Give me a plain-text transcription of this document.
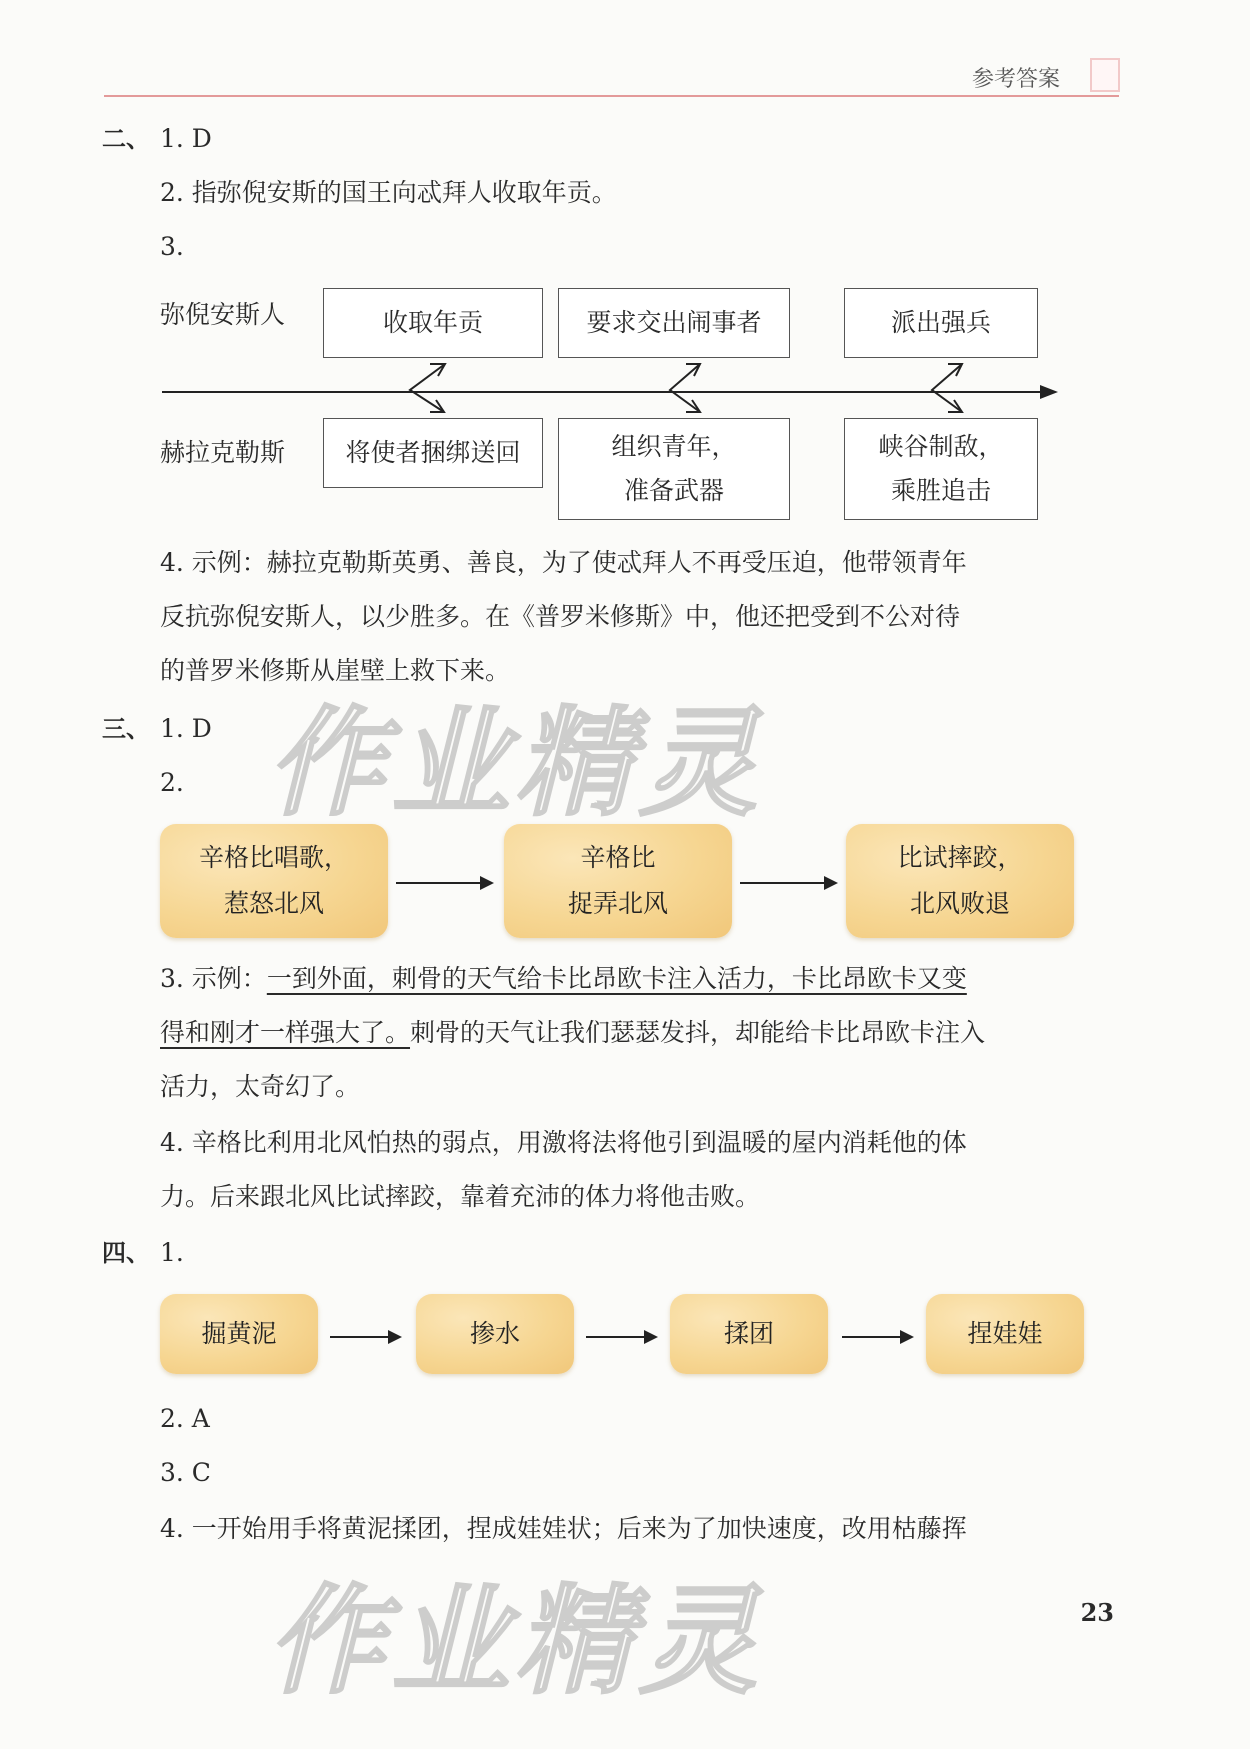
参考答案
二、 1. D
2. 指弥倪安斯的国王向忒拜人收取年贡。
3.
弥倪安斯人
赫拉克勒斯
收取年贡	要求交出闹事者	派出强兵
将使者捆绑送回	组织青年，
准备武器
峡谷制敌，
乘胜追击
4. 示例：赫拉克勒斯英勇、善良，为了使忒拜人不再受压迫，他带领青年
反抗弥倪安斯人，以少胜多。在《普罗米修斯》中，他还把受到不公对待
的普罗米修斯从崖壁上救下来。
三、 1. D
2.
辛格比唱歌，
惹怒北风
辛格比
捉弄北风
比试摔跤，
北风败退
3. 示例：一到外面，刺骨的天气给卡比昂欧卡注入活力，卡比昂欧卡又变
得和刚才一样强大了。刺骨的天气让我们瑟瑟发抖，却能给卡比昂欧卡注入
活力，太奇幻了。
4. 辛格比利用北风怕热的弱点，用激将法将他引到温暖的屋内消耗他的体
力。后来跟北风比试摔跤，靠着充沛的体力将他击败。
四、 1.
掘黄泥	掺水	揉团	捏娃娃
2. A
3. C
4. 一开始用手将黄泥揉团，捏成娃娃状；后来为了加快速度，改用枯藤挥
23
作业精灵
作业精灵
